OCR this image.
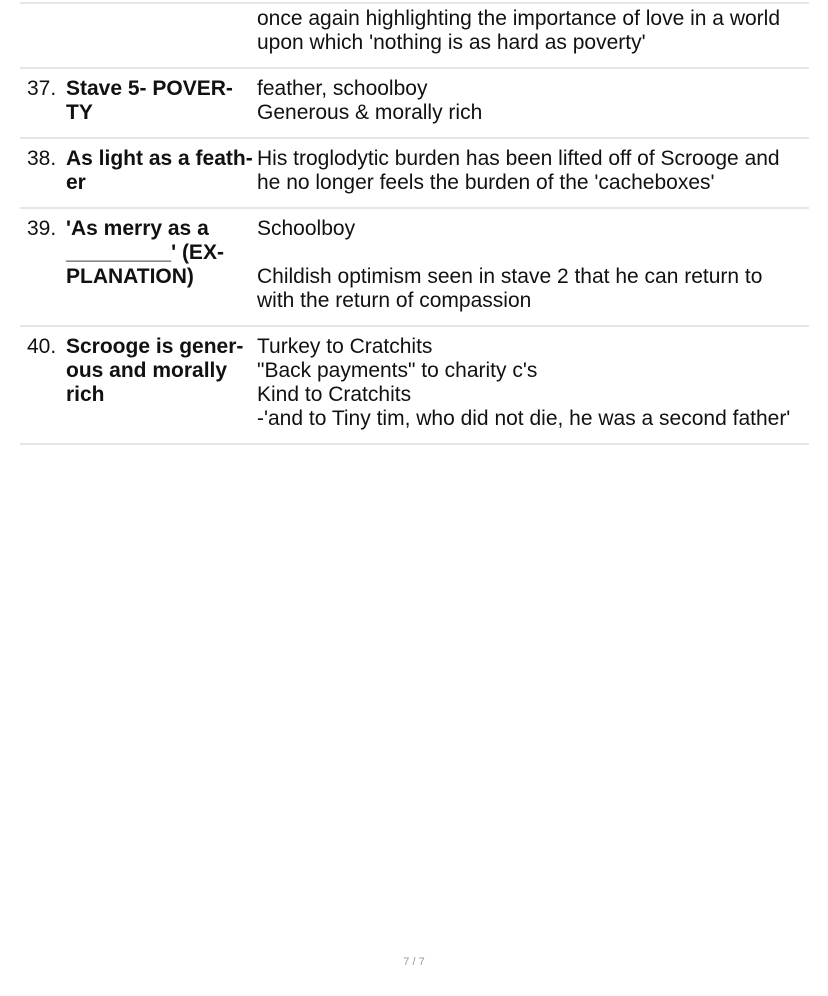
once again highlighting the importance of love in a world
upon which 'nothing is as hard as poverty'
37. Stave 5- POVER-
TY
feather, schoolboy
Generous & morally rich
38. As light as a feath-
er
His troglodytic burden has been lifted off of Scrooge and
he no longer feels the burden of the 'cacheboxes'
39. 'As merry as a
_________' (EX-
PLANATION)
Schoolboy
Childish optimism seen in stave 2 that he can return to
with the return of compassion
40. Scrooge is gener-
ous and morally
rich
Turkey to Cratchits
"Back payments" to charity c's
Kind to Cratchits
-'and to Tiny tim, who did not die, he was a second father'
7 / 7
